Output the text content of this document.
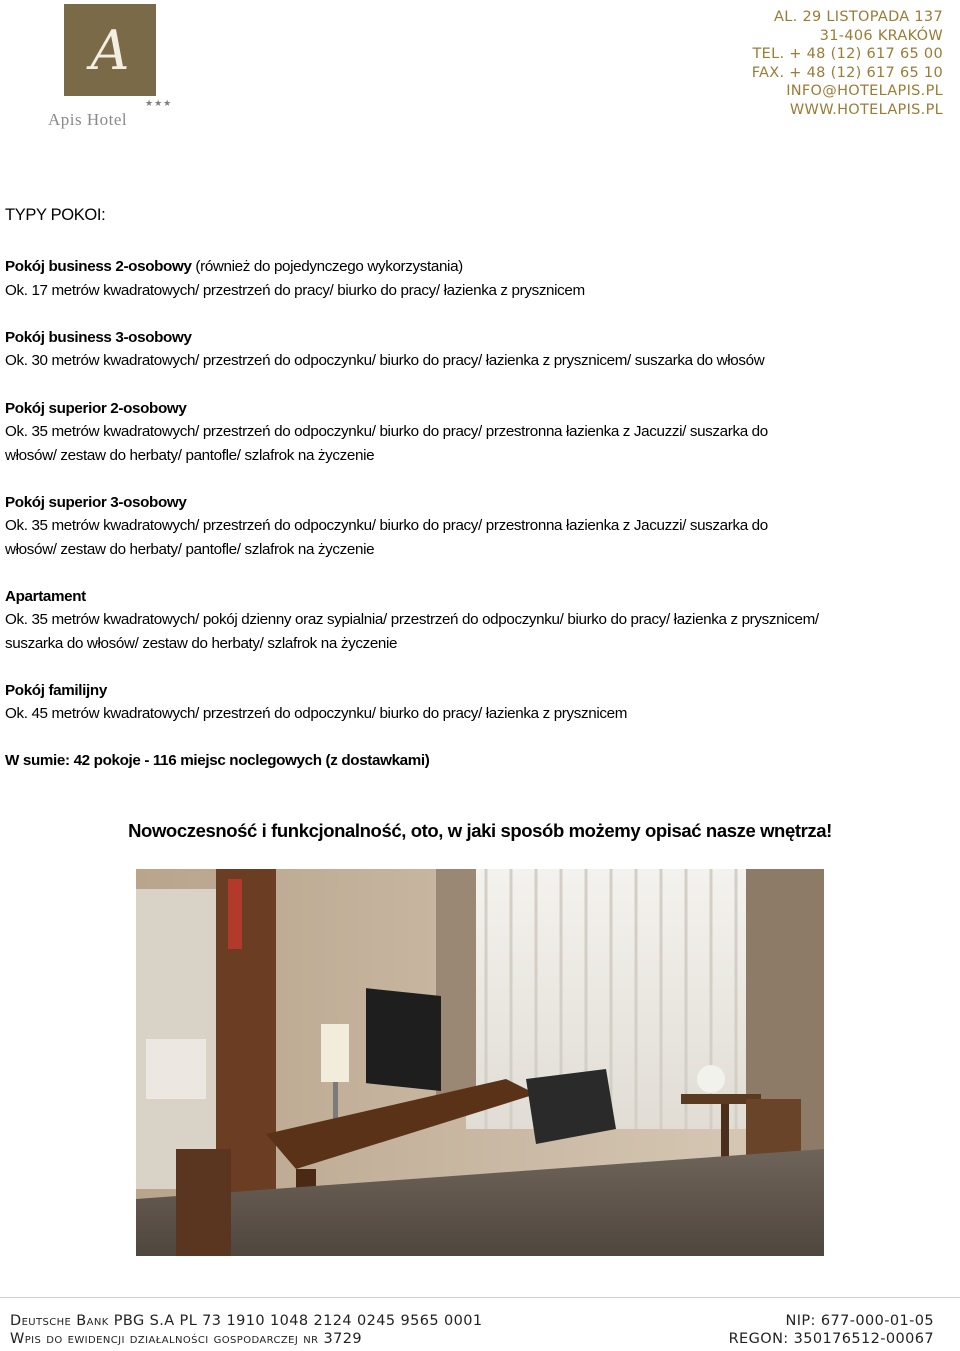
A
★★★
Apis Hotel
AL. 29 LISTOPADA 137
31-406 KRAKÓW
TEL. + 48 (12) 617 65 00
FAX. + 48 (12) 617 65 10
INFO@HOTELAPIS.PL
WWW.HOTELAPIS.PL
TYPY POKOI:
Pokój business 2-osobowy (również do pojedynczego wykorzystania)
Ok. 17 metrów kwadratowych/ przestrzeń do pracy/ biurko do pracy/ łazienka z prysznicem
Pokój business 3-osobowy
Ok. 30 metrów kwadratowych/ przestrzeń do odpoczynku/ biurko do pracy/ łazienka z prysznicem/ suszarka do włosów
Pokój superior 2-osobowy
Ok. 35 metrów kwadratowych/ przestrzeń do odpoczynku/ biurko do pracy/ przestronna łazienka z Jacuzzi/ suszarka do
włosów/ zestaw do herbaty/ pantofle/ szlafrok na życzenie
Pokój superior 3-osobowy
Ok. 35 metrów kwadratowych/ przestrzeń do odpoczynku/ biurko do pracy/ przestronna łazienka z Jacuzzi/ suszarka do
włosów/ zestaw do herbaty/ pantofle/ szlafrok na życzenie
Apartament
Ok. 35 metrów kwadratowych/ pokój dzienny oraz sypialnia/ przestrzeń do odpoczynku/ biurko do pracy/ łazienka z prysznicem/
suszarka do włosów/ zestaw do herbaty/ szlafrok na życzenie
Pokój familijny
Ok. 45 metrów kwadratowych/ przestrzeń do odpoczynku/ biurko do pracy/ łazienka z prysznicem
W sumie: 42 pokoje - 116 miejsc noclegowych (z dostawkami)
Nowoczesność i funkcjonalność, oto, w jaki sposób możemy opisać nasze wnętrza!
Deutsche Bank PBG S.A PL 73 1910 1048 2124 0245 9565 0001	NIP: 677-000-01-05
Wpis do ewidencji działalności gospodarczej nr 3729	REGON: 350176512-00067
